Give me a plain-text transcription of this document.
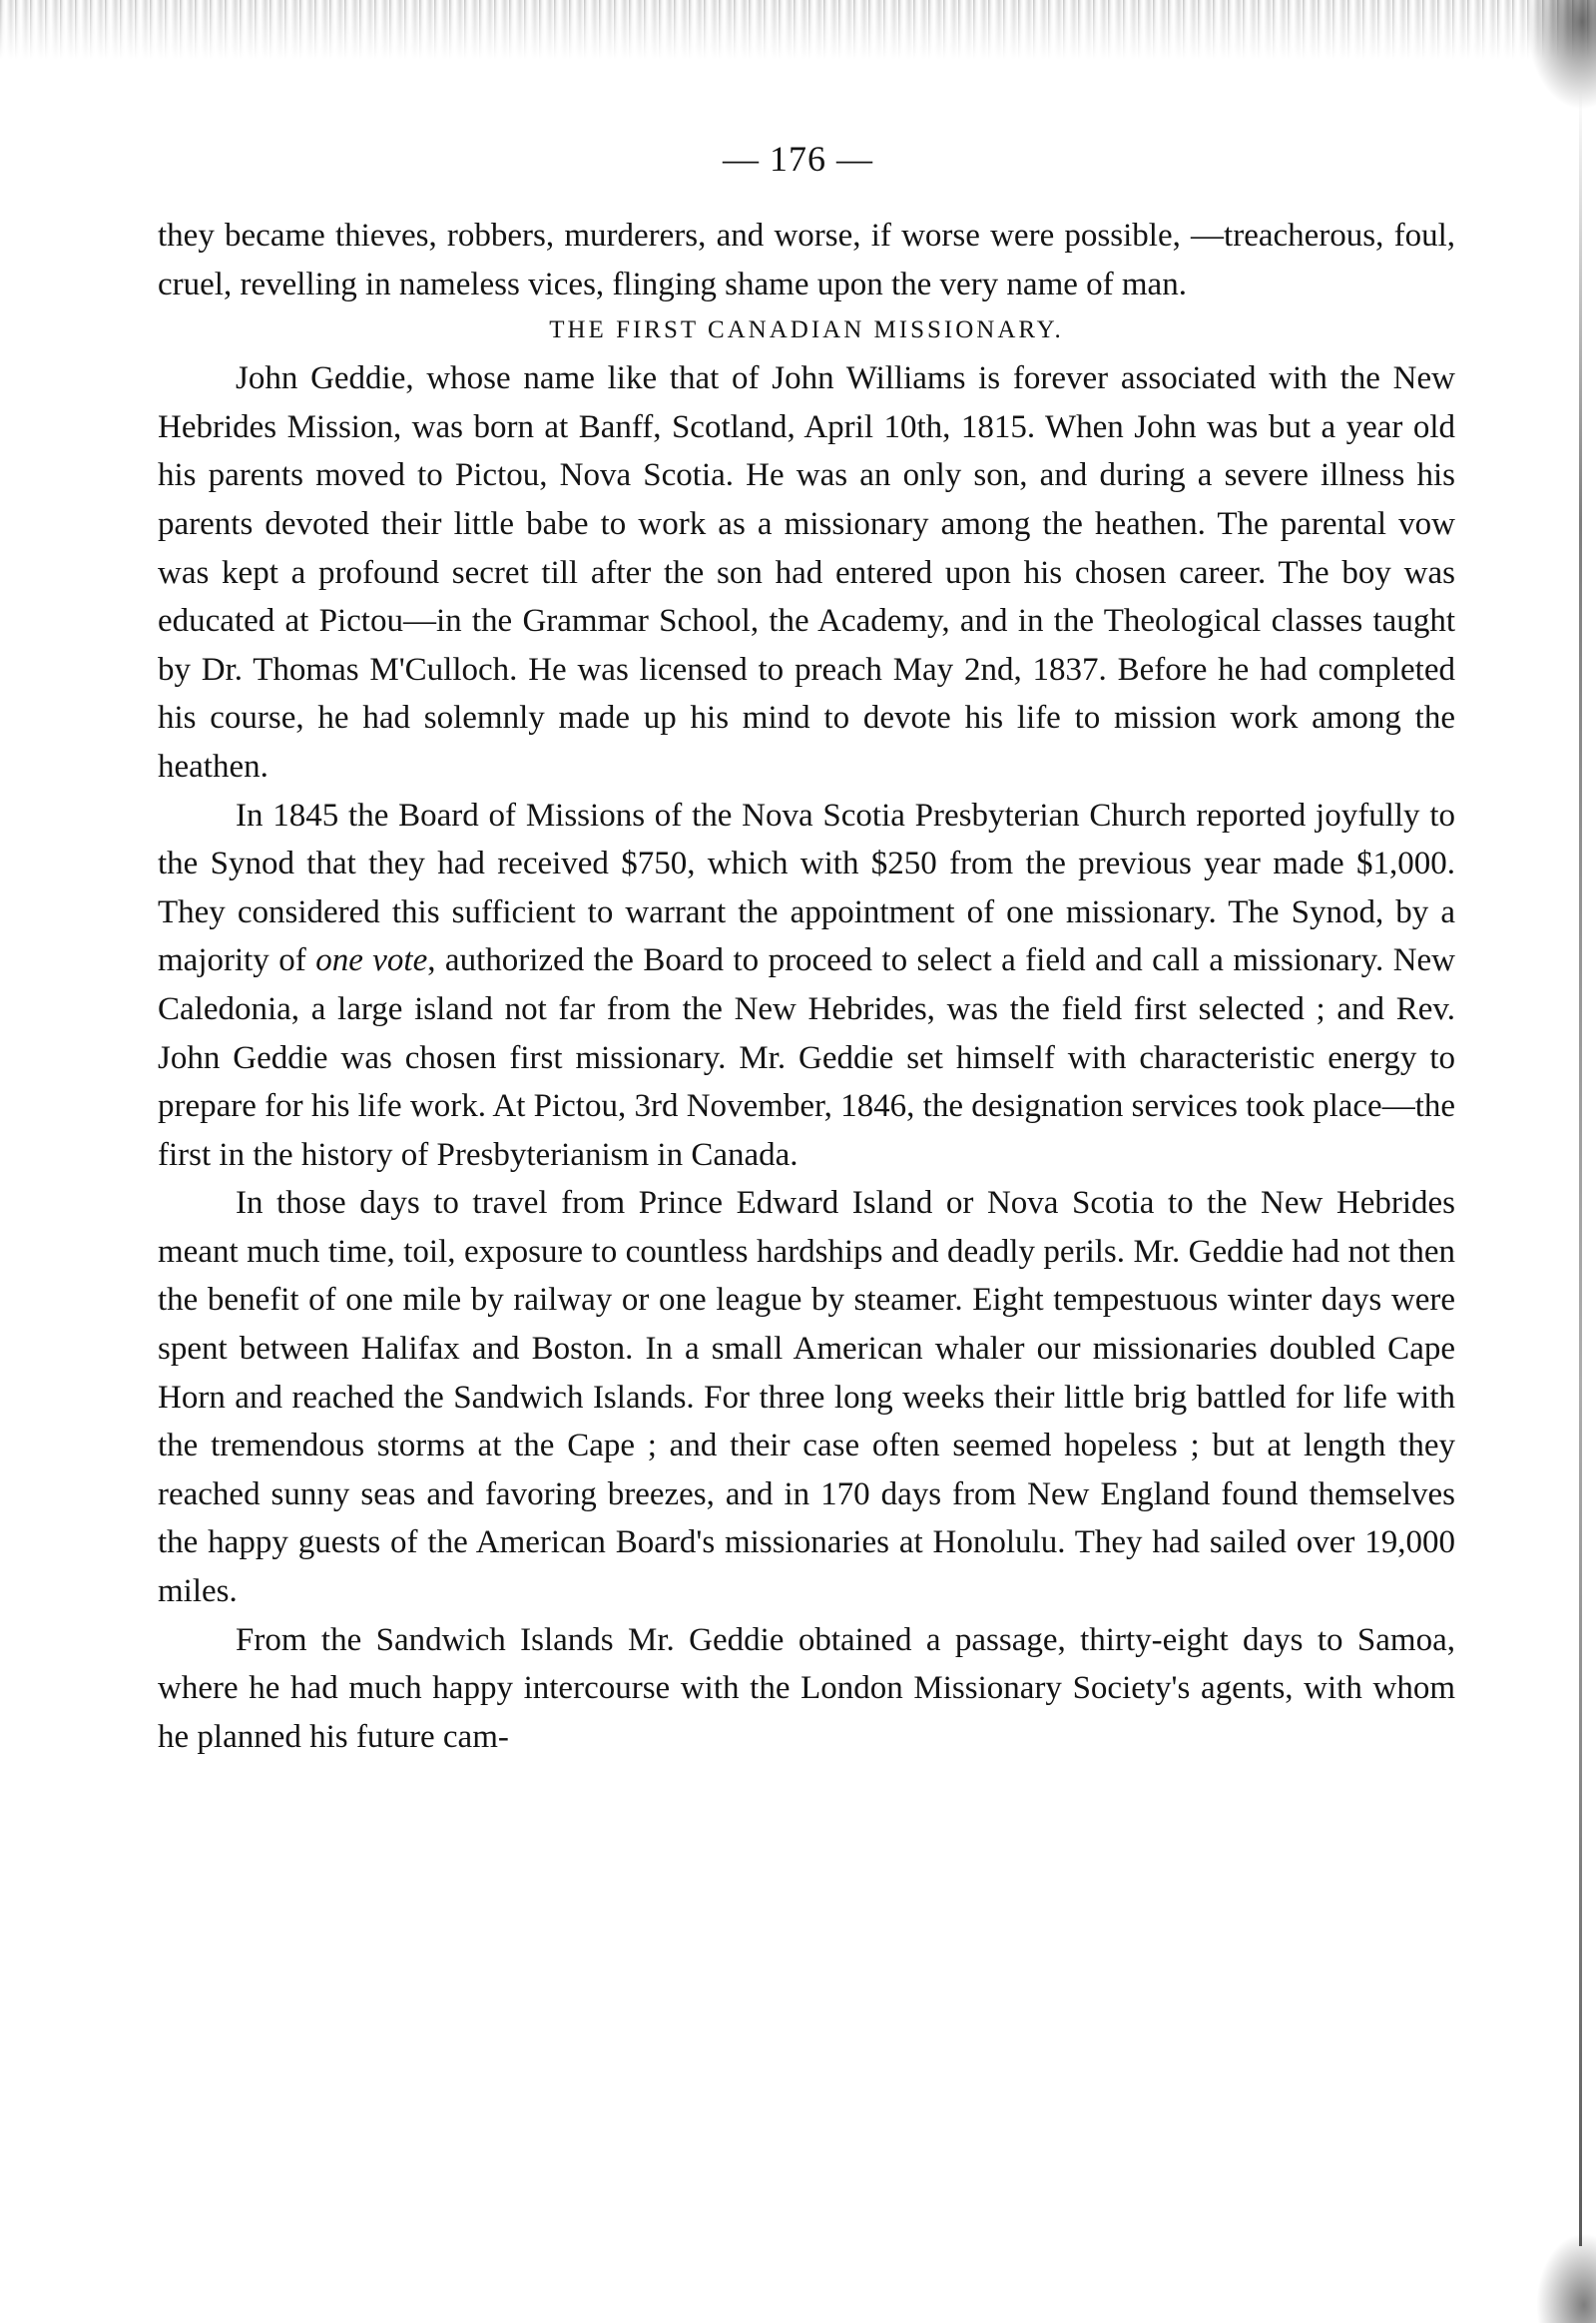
— 176 —

they became thieves, robbers, murderers, and worse, if worse were possible, —treacherous, foul, cruel, revelling in nameless vices, flinging shame upon the very name of man.

THE FIRST CANADIAN MISSIONARY.

John Geddie, whose name like that of John Williams is forever associated with the New Hebrides Mission, was born at Banff, Scotland, April 10th, 1815. When John was but a year old his parents moved to Pictou, Nova Scotia. He was an only son, and during a severe illness his parents devoted their little babe to work as a missionary among the heathen. The parental vow was kept a profound secret till after the son had entered upon his chosen career. The boy was educated at Pictou—in the Grammar School, the Academy, and in the Theological classes taught by Dr. Thomas M'Culloch. He was licensed to preach May 2nd, 1837. Before he had completed his course, he had solemnly made up his mind to devote his life to mission work among the heathen.

In 1845 the Board of Missions of the Nova Scotia Presbyterian Church reported joyfully to the Synod that they had received $750, which with $250 from the previous year made $1,000. They considered this sufficient to warrant the appointment of one missionary. The Synod, by a majority of one vote, authorized the Board to proceed to select a field and call a missionary. New Caledonia, a large island not far from the New Hebrides, was the field first selected ; and Rev. John Geddie was chosen first missionary. Mr. Geddie set himself with characteristic energy to prepare for his life work. At Pictou, 3rd November, 1846, the designation services took place—the first in the history of Presbyterianism in Canada.

In those days to travel from Prince Edward Island or Nova Scotia to the New Hebrides meant much time, toil, exposure to countless hardships and deadly perils. Mr. Geddie had not then the benefit of one mile by railway or one league by steamer. Eight tempestuous winter days were spent between Halifax and Boston. In a small American whaler our missionaries doubled Cape Horn and reached the Sandwich Islands. For three long weeks their little brig battled for life with the tremendous storms at the Cape ; and their case often seemed hopeless ; but at length they reached sunny seas and favoring breezes, and in 170 days from New England found themselves the happy guests of the American Board's missionaries at Honolulu. They had sailed over 19,000 miles.

From the Sandwich Islands Mr. Geddie obtained a passage, thirty-eight days to Samoa, where he had much happy intercourse with the London Missionary Society's agents, with whom he planned his future cam-
